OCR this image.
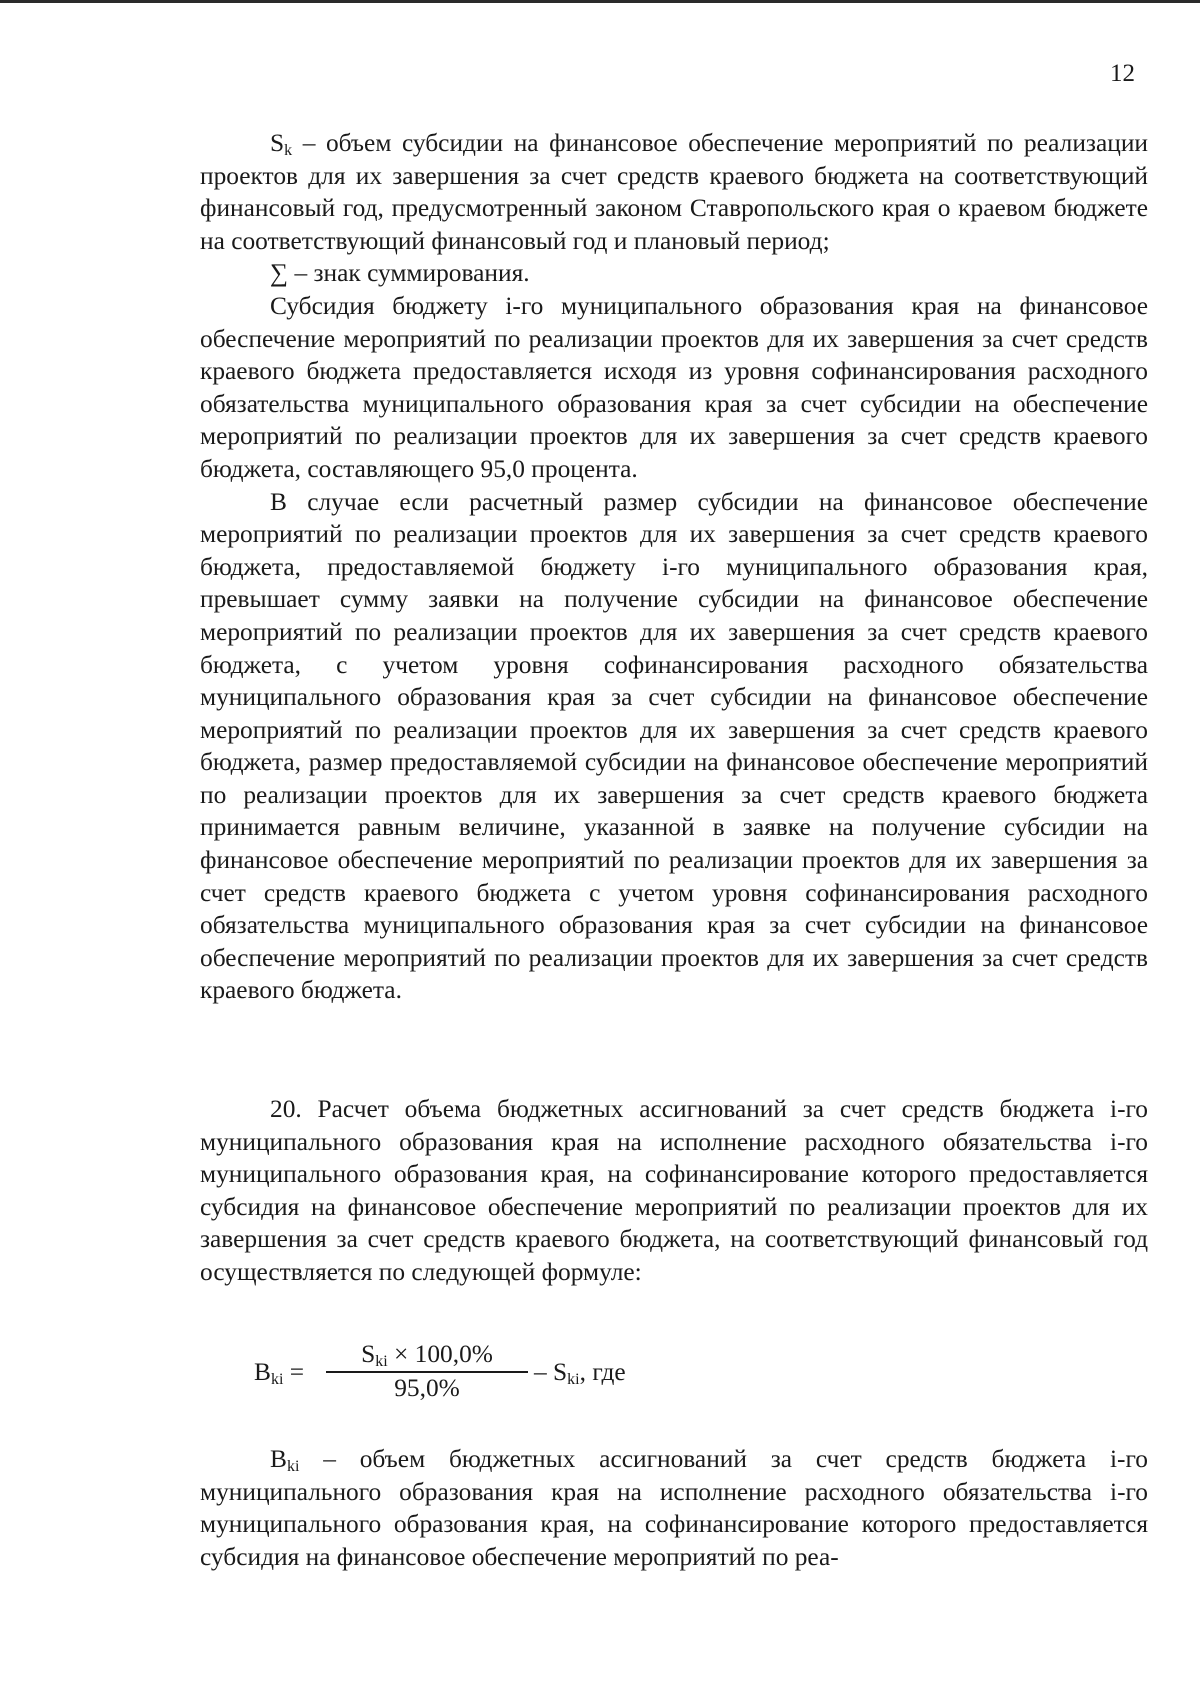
12

$S_k$ – объем субсидии на финансовое обеспечение мероприятий по реализации проектов для их завершения за счет средств краевого бюджета на соответствующий финансовый год, предусмотренный законом Ставропольского края о краевом бюджете на соответствующий финансовый год и плановый период;

∑ – знак суммирования.

Субсидия бюджету i-го муниципального образования края на финансовое обеспечение мероприятий по реализации проектов для их завершения за счет средств краевого бюджета предоставляется исходя из уровня софинансирования расходного обязательства муниципального образования края за счет субсидии на обеспечение мероприятий по реализации проектов для их завершения за счет средств краевого бюджета, составляющего 95,0 процента.

В случае если расчетный размер субсидии на финансовое обеспечение мероприятий по реализации проектов для их завершения за счет средств краевого бюджета, предоставляемой бюджету i-го муниципального образования края, превышает сумму заявки на получение субсидии на финансовое обеспечение мероприятий по реализации проектов для их завершения за счет средств краевого бюджета, с учетом уровня софинансирования расходного обязательства муниципального образования края за счет субсидии на финансовое обеспечение мероприятий по реализации проектов для их завершения за счет средств краевого бюджета, размер предоставляемой субсидии на финансовое обеспечение мероприятий по реализации проектов для их завершения за счет средств краевого бюджета принимается равным величине, указанной в заявке на получение субсидии на финансовое обеспечение мероприятий по реализации проектов для их завершения за счет средств краевого бюджета с учетом уровня софинансирования расходного обязательства муниципального образования края за счет субсидии на финансовое обеспечение мероприятий по реализации проектов для их завершения за счет средств краевого бюджета.

20. Расчет объема бюджетных ассигнований за счет средств бюджета i-го муниципального образования края на исполнение расходного обязательства i-го муниципального образования края, на софинансирование которого предоставляется субсидия на финансовое обеспечение мероприятий по реализации проектов для их завершения за счет средств краевого бюджета, на соответствующий финансовый год осуществляется по следующей формуле:

$B_{ki}$ =
$S_{ki} \times 100,0\%$
95,0%
– $S_{ki}$, где

$B_{ki}$ – объем бюджетных ассигнований за счет средств бюджета i-го муниципального образования края на исполнение расходного обязательства i-го муниципального образования края, на софинансирование которого предоставляется субсидия на финансовое обеспечение мероприятий по реа-
